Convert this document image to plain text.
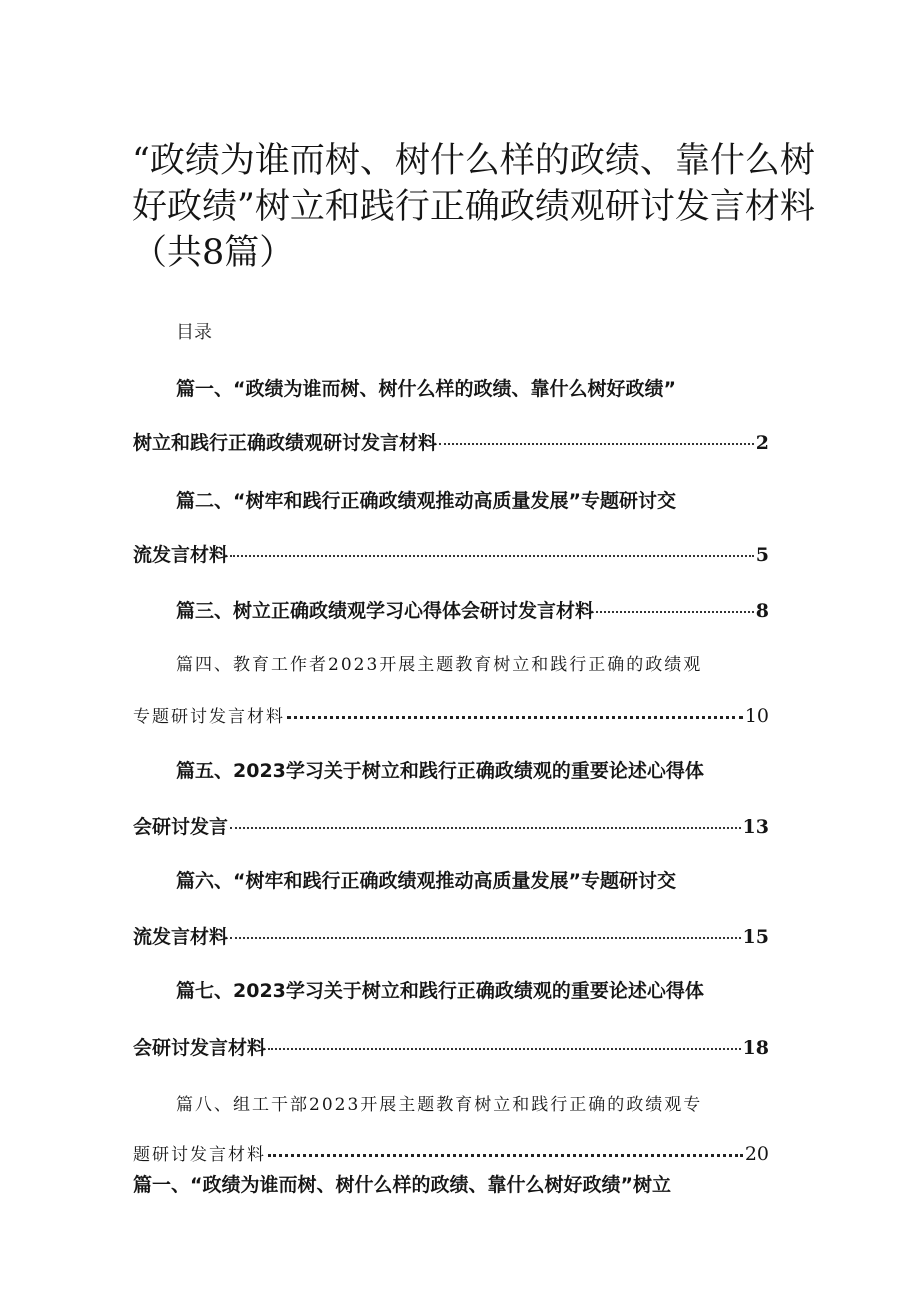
“政绩为谁而树、树什么样的政绩、靠什么树
好政绩”树立和践行正确政绩观研讨发言材料
（共8篇）
目录
篇一、“政绩为谁而树、树什么样的政绩、靠什么树好政绩”
树立和践行正确政绩观研讨发言材料	2
篇二、“树牢和践行正确政绩观推动高质量发展”专题研讨交
流发言材料	5
篇三、树立正确政绩观学习心得体会研讨发言材料	8
篇四、教育工作者2023开展主题教育树立和践行正确的政绩观
专题研讨发言材料	10
篇五、2023学习关于树立和践行正确政绩观的重要论述心得体
会研讨发言	13
篇六、“树牢和践行正确政绩观推动高质量发展”专题研讨交
流发言材料	15
篇七、2023学习关于树立和践行正确政绩观的重要论述心得体
会研讨发言材料	18
篇八、组工干部2023开展主题教育树立和践行正确的政绩观专
题研讨发言材料	20
篇一、“政绩为谁而树、树什么样的政绩、靠什么树好政绩”树立
